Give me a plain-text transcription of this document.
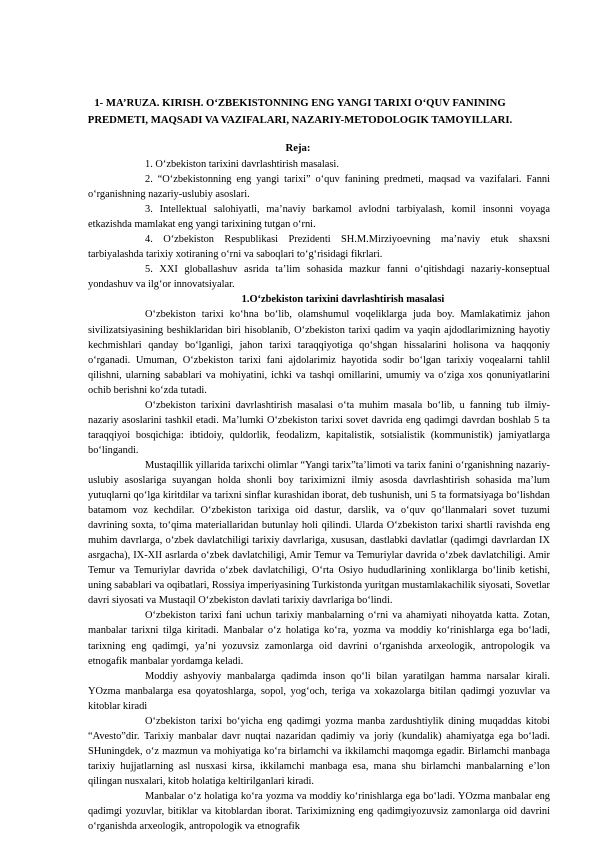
1- MA’RUZA. KIRISH. O‘ZBEKISTONNING ENG YANGI TARIXI O‘QUV FANINING PREDMETI, MAQSADI VA VAZIFALARI, NAZARIY-METODOLOGIK TAMOYILLARI.
Reja:

1. O‘zbekiston tarixini davrlashtirish masalasi.

2. “O‘zbekistonning eng yangi tarixi” o‘quv fanining predmeti, maqsad va vazifalari. Fanni o‘rganishning nazariy-uslubiy asoslari.

3. Intellektual salohiyatli, ma’naviy barkamol avlodni tarbiyalash, komil insonni voyaga etkazishda mamlakat eng yangi tarixining tutgan o‘rni.

4. O‘zbekiston Respublikasi Prezidenti SH.M.Mirziyoevning ma’naviy etuk shaxsni tarbiyalashda tarixiy xotiraning o‘rni va saboqlari to‘g‘risidagi fikrlari.

5. XXI globallashuv asrida ta’lim sohasida mazkur fanni o‘qitishdagi nazariy-konseptual yondashuv va ilg‘or innovatsiyalar.

1.O‘zbekiston tarixini davrlashtirish masalasi

O‘zbekiston tarixi ko‘hna bo‘lib, olamshumul voqeliklarga juda boy. Mamlakatimiz jahon sivilizatsiyasining beshiklaridan biri hisoblanib, O‘zbekiston tarixi qadim va yaqin ajdodlarimizning hayotiy kechmishlari qanday bo‘lganligi, jahon tarixi taraqqiyotiga qo‘shgan hissalarini holisona va haqqoniy o‘rganadi. Umuman, O‘zbekiston tarixi fani ajdolarimiz hayotida sodir bo‘lgan tarixiy voqealarni tahlil qilishni, ularning sabablari va mohiyatini, ichki va tashqi omillarini, umumiy va o‘ziga xos qonuniyatlarini ochib berishni ko‘zda tutadi.

O‘zbekiston tarixini davrlashtirish masalasi o‘ta muhim masala bo‘lib, u fanning tub ilmiy-nazariy asoslarini tashkil etadi. Ma’lumki O‘zbekiston tarixi sovet davrida eng qadimgi davrdan boshlab 5 ta taraqqiyoi bosqichiga: ibtidoiy, quldorlik, feodalizm, kapitalistik, sotsialistik (kommunistik) jamiyatlarga bo‘lingandi.

Mustaqillik yillarida tarixchi olimlar “Yangi tarix”ta’limoti va tarix fanini o‘rganishning nazariy-uslubiy asoslariga suyangan holda shonli boy tariximizni ilmiy asosda davrlashtirish sohasida ma’lum yutuqlarni qo‘lga kiritdilar va tarixni sinflar kurashidan iborat, deb tushunish, uni 5 ta formatsiyaga bo‘lishdan batamom voz kechdilar. O‘zbekiston tarixiga oid dastur, darslik, va o‘quv qo‘llanmalari sovet tuzumi davrining soxta, to‘qima materiallaridan butunlay holi qilindi. Ularda O‘zbekiston tarixi shartli ravishda eng muhim davrlarga, o‘zbek davlatchiligi tarixiy davrlariga, xususan, dastlabki davlatlar (qadimgi davrlardan IX asrgacha), IX-XII asrlarda o‘zbek davlatchiligi, Amir Temur va Temuriylar davrida o‘zbek davlatchiligi. Amir Temur va Temuriylar davrida o‘zbek davlatchiligi, O‘rta Osiyo hududlarining xonliklarga bo‘linib ketishi, uning sabablari va oqibatlari, Rossiya imperiyasining Turkistonda yuritgan mustamlakachilik siyosati, Sovetlar davri siyosati va Mustaqil O‘zbekiston davlati tarixiy davrlariga bo‘lindi.

O‘zbekiston tarixi fani uchun tarixiy manbalarning o‘rni va ahamiyati nihoyatda katta. Zotan, manbalar tarixni tilga kiritadi. Manbalar o‘z holatiga ko‘ra, yozma va moddiy ko‘rinishlarga ega bo‘ladi, tarixning eng qadimgi, ya’ni yozuvsiz zamonlarga oid davrini o‘rganishda arxeologik, antropologik va etnogafik manbalar yordamga keladi.

Moddiy ashyoviy manbalarga qadimda inson qo‘li bilan yaratilgan hamma narsalar kirali. YOzma manbalarga esa qoyatoshlarga, sopol, yog‘och, teriga va xokazolarga bitilan qadimgi yozuvlar va kitoblar kiradi

O‘zbekiston tarixi bo‘yicha eng qadimgi yozma manba zardushtiylik dining muqaddas kitobi “Avesto”dir. Tarixiy manbalar davr nuqtai nazaridan qadimiy va joriy (kundalik) ahamiyatga ega bo‘ladi. SHuningdek, o‘z mazmun va mohiyatiga ko‘ra birlamchi va ikkilamchi maqomga egadir. Birlamchi manbaga tarixiy hujjatlarning asl nusxasi kirsa, ikkilamchi manbaga esa, mana shu birlamchi manbalarning e’lon qilingan nusxalari, kitob holatiga keltirilganlari kiradi.

Manbalar o‘z holatiga ko‘ra yozma va moddiy ko‘rinishlarga ega bo‘ladi. YOzma manbalar eng qadimgi yozuvlar, bitiklar va kitoblardan iborat. Tariximizning eng qadimgiyozuvsiz zamonlarga oid davrini o‘rganishda arxeologik, antropologik va etnografik
